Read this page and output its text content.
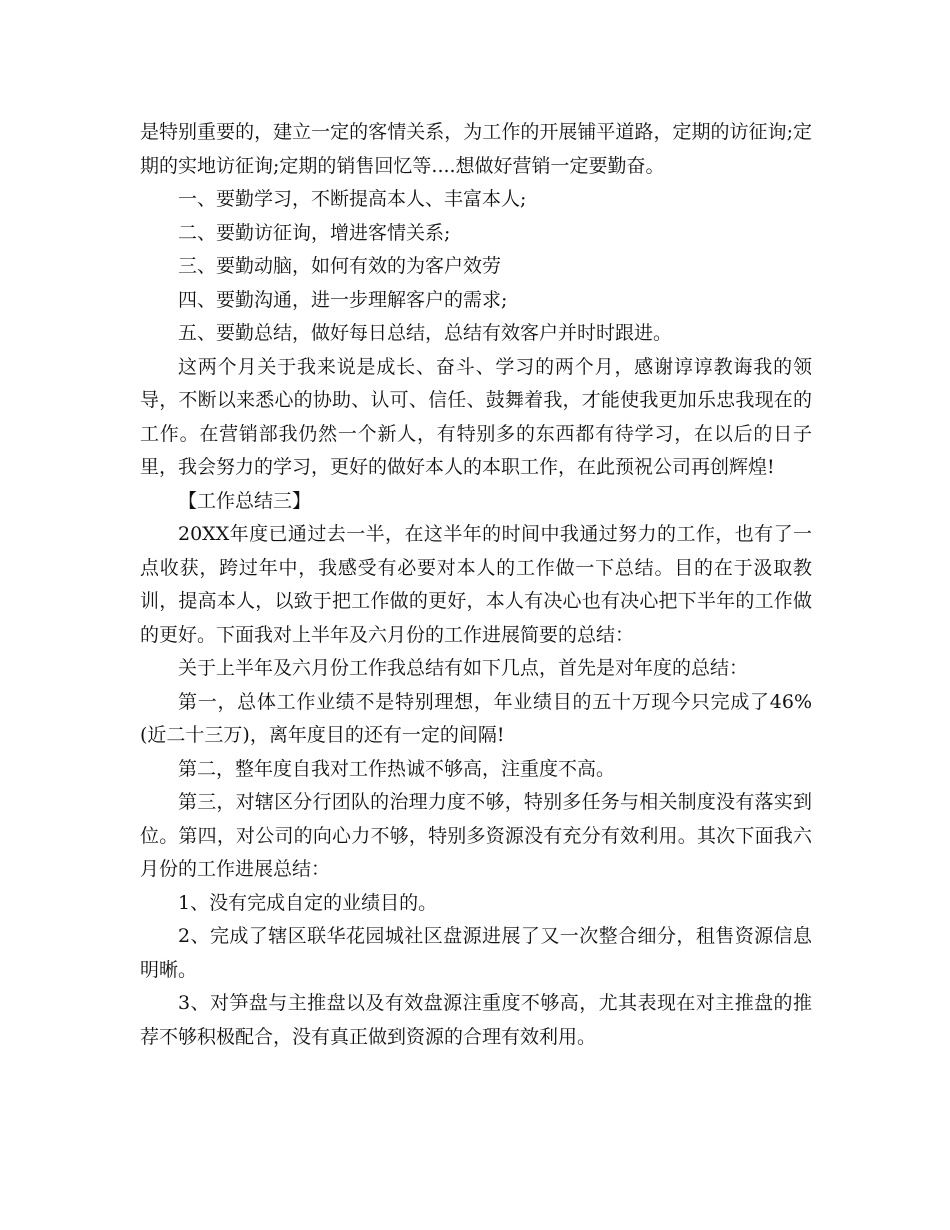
是特别重要的，建立一定的客情关系，为工作的开展铺平道路，定期的访征询;定期的实地访征询;定期的销售回忆等....想做好营销一定要勤奋。

一、要勤学习，不断提高本人、丰富本人;

二、要勤访征询，增进客情关系;

三、要勤动脑，如何有效的为客户效劳

四、要勤沟通，进一步理解客户的需求;

五、要勤总结，做好每日总结，总结有效客户并时时跟进。

这两个月关于我来说是成长、奋斗、学习的两个月，感谢谆谆教诲我的领导，不断以来悉心的协助、认可、信任、鼓舞着我，才能使我更加乐忠我现在的工作。在营销部我仍然一个新人，有特别多的东西都有待学习，在以后的日子里，我会努力的学习，更好的做好本人的本职工作，在此预祝公司再创辉煌!

【工作总结三】

20XX年度已通过去一半，在这半年的时间中我通过努力的工作，也有了一点收获，跨过年中，我感受有必要对本人的工作做一下总结。目的在于汲取教训，提高本人，以致于把工作做的更好，本人有决心也有决心把下半年的工作做的更好。下面我对上半年及六月份的工作进展简要的总结：

关于上半年及六月份工作我总结有如下几点，首先是对年度的总结：

第一，总体工作业绩不是特别理想，年业绩目的五十万现今只完成了46%(近二十三万)，离年度目的还有一定的间隔!

第二，整年度自我对工作热诚不够高，注重度不高。

第三，对辖区分行团队的治理力度不够，特别多任务与相关制度没有落实到位。第四，对公司的向心力不够，特别多资源没有充分有效利用。其次下面我六月份的工作进展总结：

1、没有完成自定的业绩目的。

2、完成了辖区联华花园城社区盘源进展了又一次整合细分，租售资源信息明晰。

3、对笋盘与主推盘以及有效盘源注重度不够高，尤其表现在对主推盘的推荐不够积极配合，没有真正做到资源的合理有效利用。
